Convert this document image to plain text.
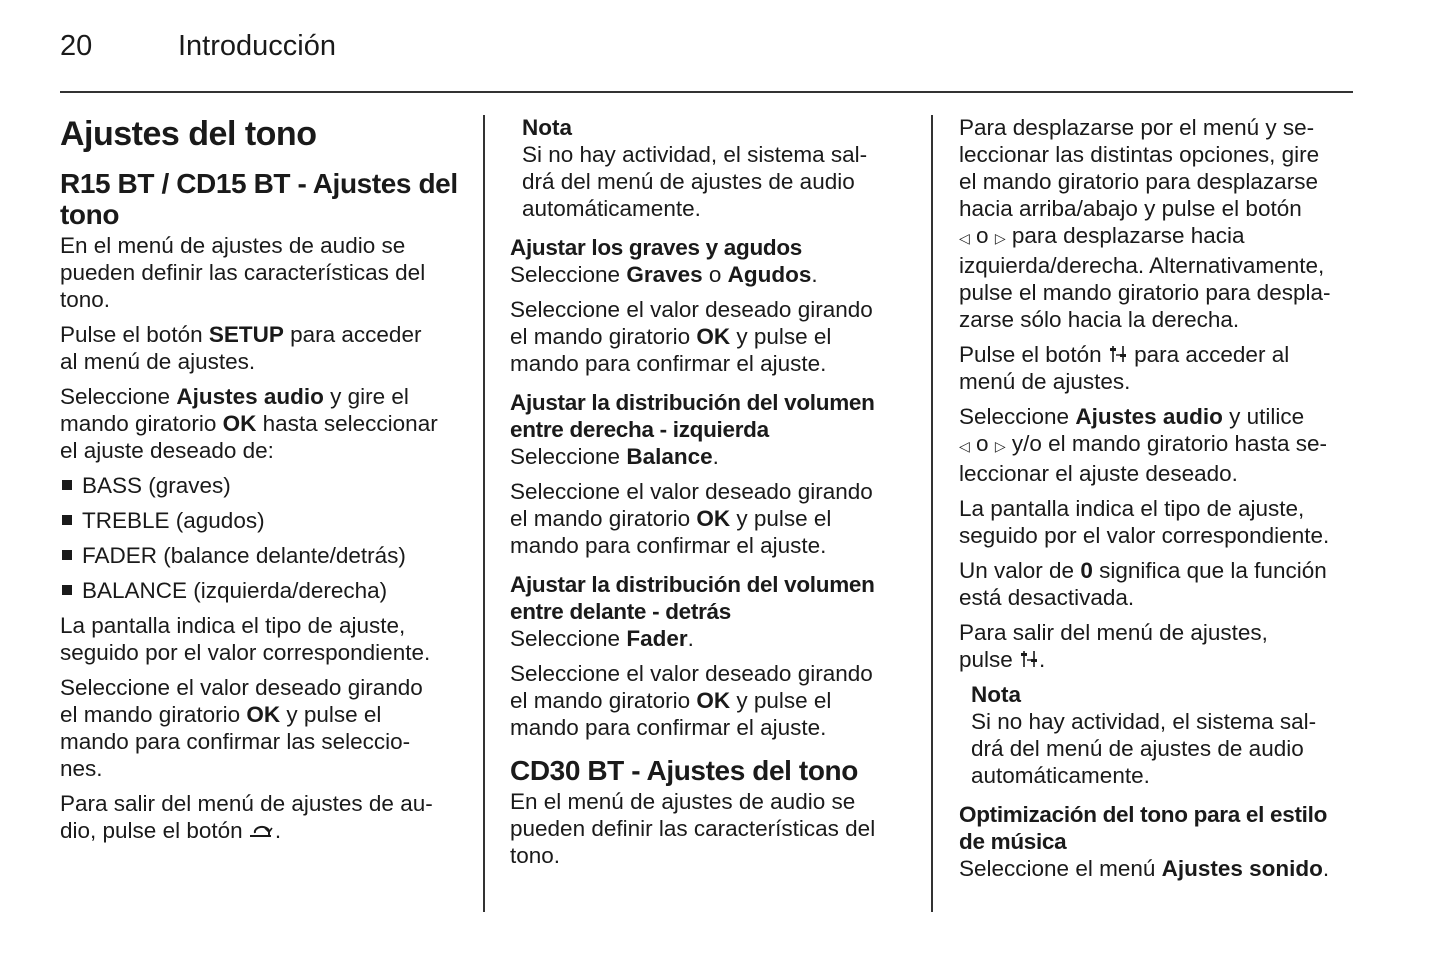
20	Introducción
Ajustes del tono
R15 BT / CD15 BT - Ajustes del
tono

En el menú de ajustes de audio se
pueden definir las características del
tono.

Pulse el botón SETUP para acceder
al menú de ajustes.

Seleccione Ajustes audio y gire el
mando giratorio OK hasta seleccionar
el ajuste deseado de:

BASS (graves)
TREBLE (agudos)
FADER (balance delante/detrás)
BALANCE (izquierda/derecha)

La pantalla indica el tipo de ajuste,
seguido por el valor correspondiente.

Seleccione el valor deseado girando
el mando giratorio OK y pulse el
mando para confirmar las seleccio-
nes.

Para salir del menú de ajustes de au-
dio, pulse el botón .

Nota

Si no hay actividad, el sistema sal-
drá del menú de ajustes de audio
automáticamente.

Ajustar los graves y agudos

Seleccione Graves o Agudos.

Seleccione el valor deseado girando
el mando giratorio OK y pulse el
mando para confirmar el ajuste.

Ajustar la distribución del volumen
entre derecha - izquierda

Seleccione Balance.

Seleccione el valor deseado girando
el mando giratorio OK y pulse el
mando para confirmar el ajuste.

Ajustar la distribución del volumen
entre delante - detrás

Seleccione Fader.

Seleccione el valor deseado girando
el mando giratorio OK y pulse el
mando para confirmar el ajuste.

CD30 BT - Ajustes del tono

En el menú de ajustes de audio se
pueden definir las características del
tono.

Para desplazarse por el menú y se-
leccionar las distintas opciones, gire
el mando giratorio para desplazarse
hacia arriba/abajo y pulse el botón
◁ o ▷ para desplazarse hacia
izquierda/derecha. Alternativamente,
pulse el mando giratorio para despla-
zarse sólo hacia la derecha.

Pulse el botón  para acceder al
menú de ajustes.

Seleccione Ajustes audio y utilice
◁ o ▷ y/o el mando giratorio hasta se-
leccionar el ajuste deseado.

La pantalla indica el tipo de ajuste,
seguido por el valor correspondiente.

Un valor de 0 significa que la función
está desactivada.

Para salir del menú de ajustes,
pulse .

Nota

Si no hay actividad, el sistema sal-
drá del menú de ajustes de audio
automáticamente.

Optimización del tono para el estilo
de música

Seleccione el menú Ajustes sonido.
